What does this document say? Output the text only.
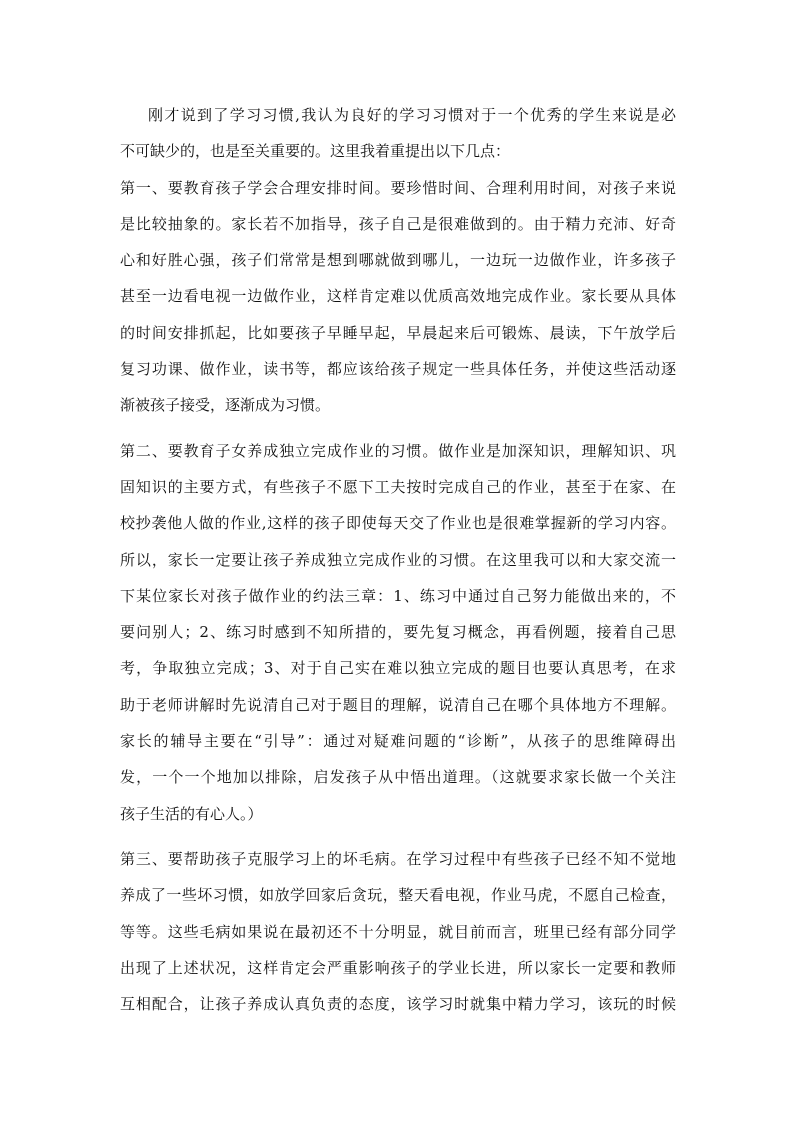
刚才说到了学习习惯,我认为良好的学习习惯对于一个优秀的学生来说是必
不可缺少的，也是至关重要的。这里我着重提出以下几点：
第一、要教育孩子学会合理安排时间。要珍惜时间、合理利用时间，对孩子来说
是比较抽象的。家长若不加指导，孩子自己是很难做到的。由于精力充沛、好奇
心和好胜心强，孩子们常常是想到哪就做到哪儿，一边玩一边做作业，许多孩子
甚至一边看电视一边做作业，这样肯定难以优质高效地完成作业。家长要从具体
的时间安排抓起，比如要孩子早睡早起，早晨起来后可锻炼、晨读，下午放学后
复习功课、做作业，读书等，都应该给孩子规定一些具体任务，并使这些活动逐
渐被孩子接受，逐渐成为习惯。
第二、要教育子女养成独立完成作业的习惯。做作业是加深知识，理解知识、巩
固知识的主要方式，有些孩子不愿下工夫按时完成自己的作业，甚至于在家、在
校抄袭他人做的作业,这样的孩子即使每天交了作业也是很难掌握新的学习内容。
所以，家长一定要让孩子养成独立完成作业的习惯。在这里我可以和大家交流一
下某位家长对孩子做作业的约法三章：1、练习中通过自己努力能做出来的，不
要问别人；2、练习时感到不知所措的，要先复习概念，再看例题，接着自己思
考，争取独立完成；3、对于自己实在难以独立完成的题目也要认真思考，在求
助于老师讲解时先说清自己对于题目的理解，说清自己在哪个具体地方不理解。
家长的辅导主要在“引导”：通过对疑难问题的“诊断”，从孩子的思维障碍出
发，一个一个地加以排除，启发孩子从中悟出道理。（这就要求家长做一个关注
孩子生活的有心人。）
第三、要帮助孩子克服学习上的坏毛病。在学习过程中有些孩子已经不知不觉地
养成了一些坏习惯，如放学回家后贪玩，整天看电视，作业马虎，不愿自己检查，
等等。这些毛病如果说在最初还不十分明显，就目前而言，班里已经有部分同学
出现了上述状况，这样肯定会严重影响孩子的学业长进，所以家长一定要和教师
互相配合，让孩子养成认真负责的态度，该学习时就集中精力学习，该玩的时候
